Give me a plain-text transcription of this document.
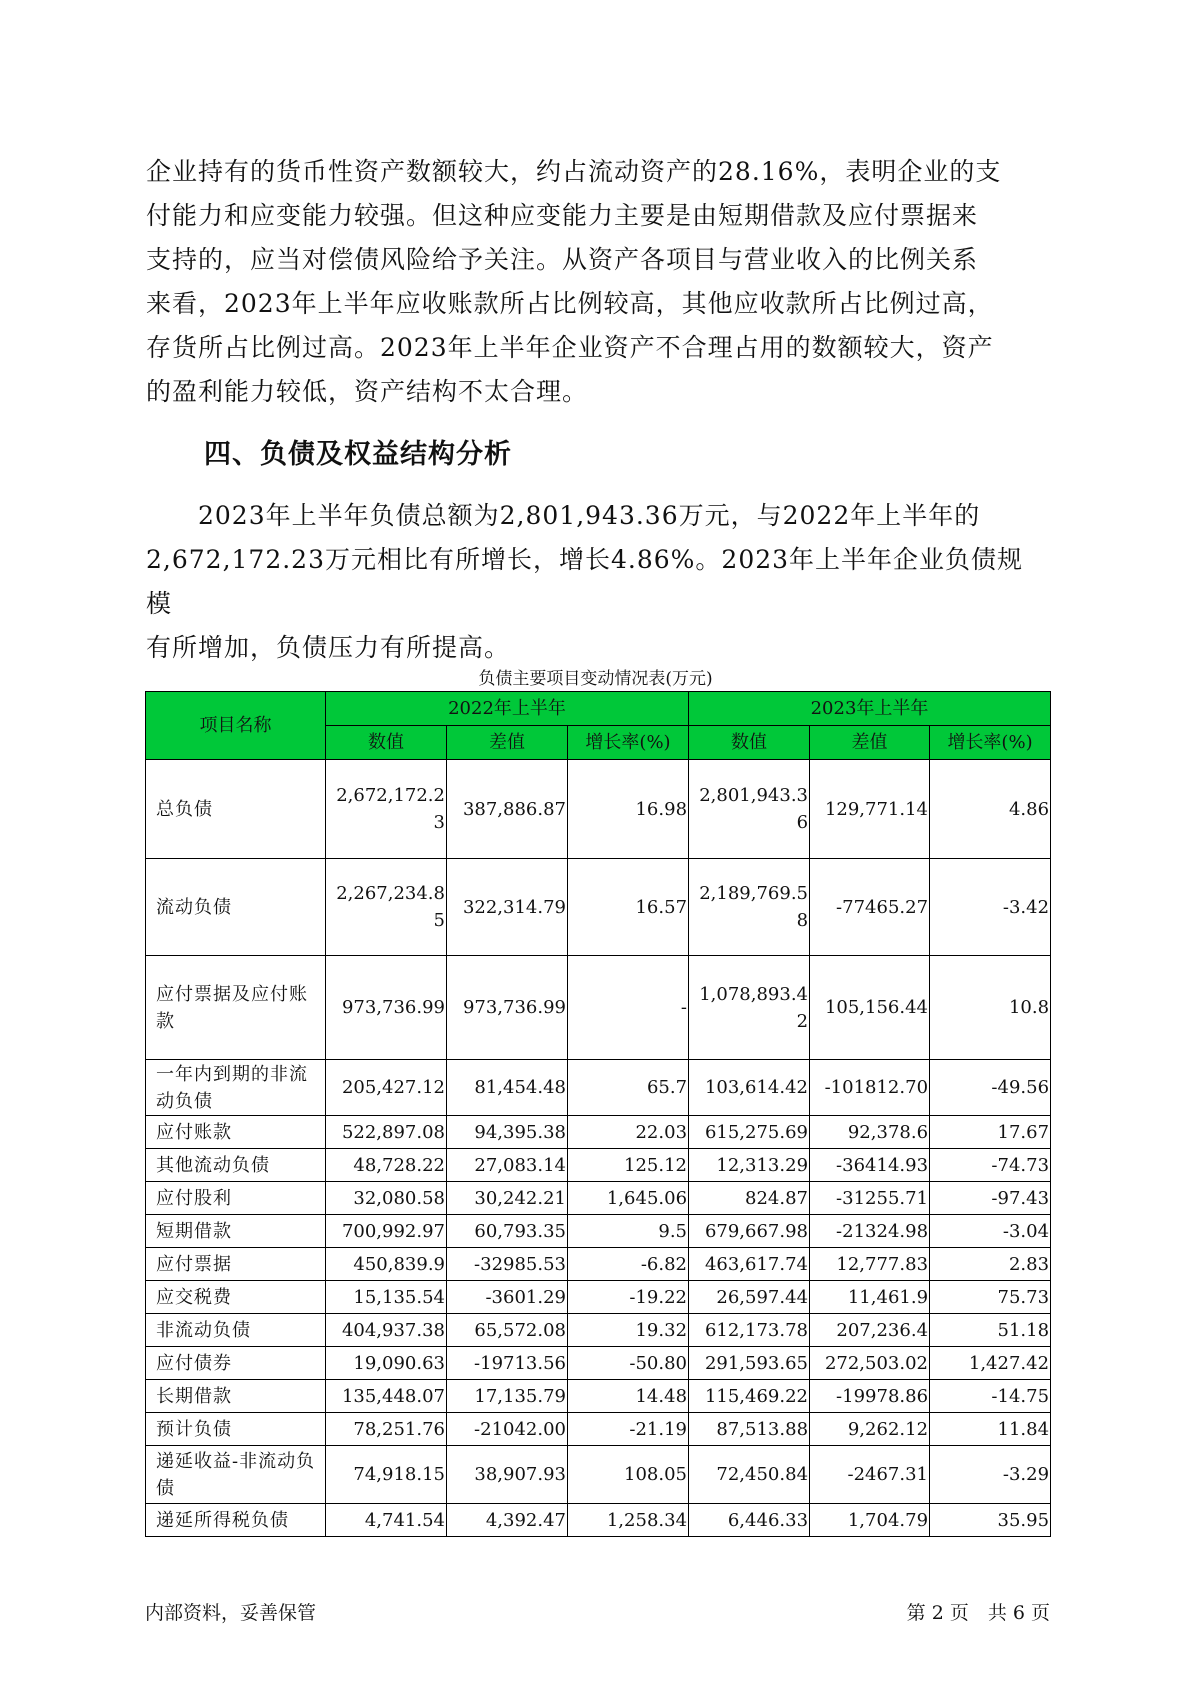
企业持有的货币性资产数额较大，约占流动资产的28.16%，表明企业的支

付能力和应变能力较强。但这种应变能力主要是由短期借款及应付票据来

支持的，应当对偿债风险给予关注。从资产各项目与营业收入的比例关系

来看，2023年上半年应收账款所占比例较高，其他应收款所占比例过高，

存货所占比例过高。2023年上半年企业资产不合理占用的数额较大，资产

的盈利能力较低，资产结构不太合理。

四、负债及权益结构分析

　　2023年上半年负债总额为2,801,943.36万元，与2022年上半年的

2,672,172.23万元相比有所增长，增长4.86%。2023年上半年企业负债规模

有所增加，负债压力有所提高。

负债主要项目变动情况表(万元)
项目名称	2022年上半年			2023年上半年		
	数值	差值	增长率(%)	数值	差值	增长率(%)
总负债	2,672,172.23	387,886.87	16.98	2,801,943.36	129,771.14	4.86
流动负债	2,267,234.85	322,314.79	16.57	2,189,769.58	-77465.27	-3.42
应付票据及应付账款	973,736.99	973,736.99	-	1,078,893.42	105,156.44	10.8
一年内到期的非流动负债	205,427.12	81,454.48	65.7	103,614.42	-101812.70	-49.56
应付账款	522,897.08	94,395.38	22.03	615,275.69	92,378.6	17.67
其他流动负债	48,728.22	27,083.14	125.12	12,313.29	-36414.93	-74.73
应付股利	32,080.58	30,242.21	1,645.06	824.87	-31255.71	-97.43
短期借款	700,992.97	60,793.35	9.5	679,667.98	-21324.98	-3.04
应付票据	450,839.9	-32985.53	-6.82	463,617.74	12,777.83	2.83
应交税费	15,135.54	-3601.29	-19.22	26,597.44	11,461.9	75.73
非流动负债	404,937.38	65,572.08	19.32	612,173.78	207,236.4	51.18
应付债券	19,090.63	-19713.56	-50.80	291,593.65	272,503.02	1,427.42
长期借款	135,448.07	17,135.79	14.48	115,469.22	-19978.86	-14.75
预计负债	78,251.76	-21042.00	-21.19	87,513.88	9,262.12	11.84
递延收益-非流动负债	74,918.15	38,907.93	108.05	72,450.84	-2467.31	-3.29
递延所得税负债	4,741.54	4,392.47	1,258.34	6,446.33	1,704.79	35.95
内部资料，妥善保管	第 2 页　共 6 页
